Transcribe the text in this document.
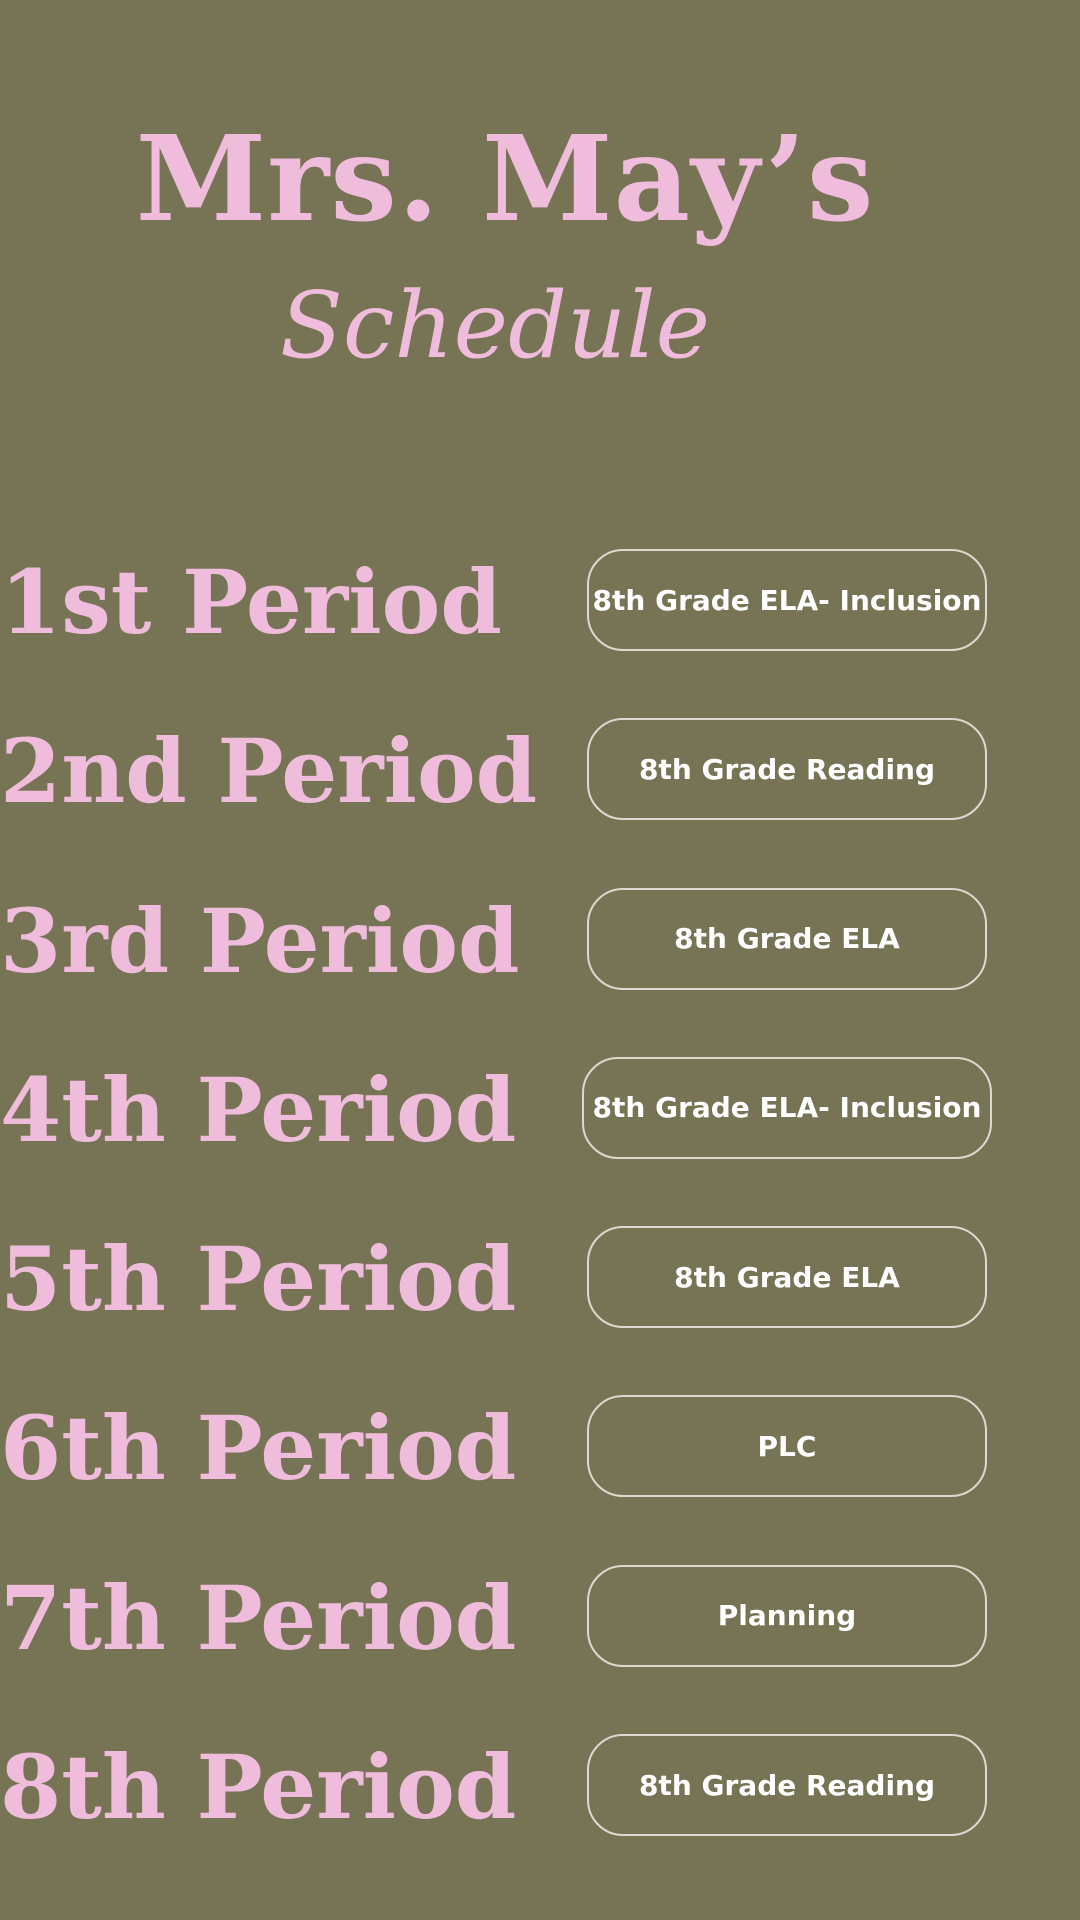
Mrs. May’s
Schedule
1st Period	8th Grade ELA- Inclusion
2nd Period	8th Grade Reading
3rd Period	8th Grade ELA
4th Period	8th Grade ELA- Inclusion
5th Period	8th Grade ELA
6th Period	PLC
7th Period	Planning
8th Period	8th Grade Reading
